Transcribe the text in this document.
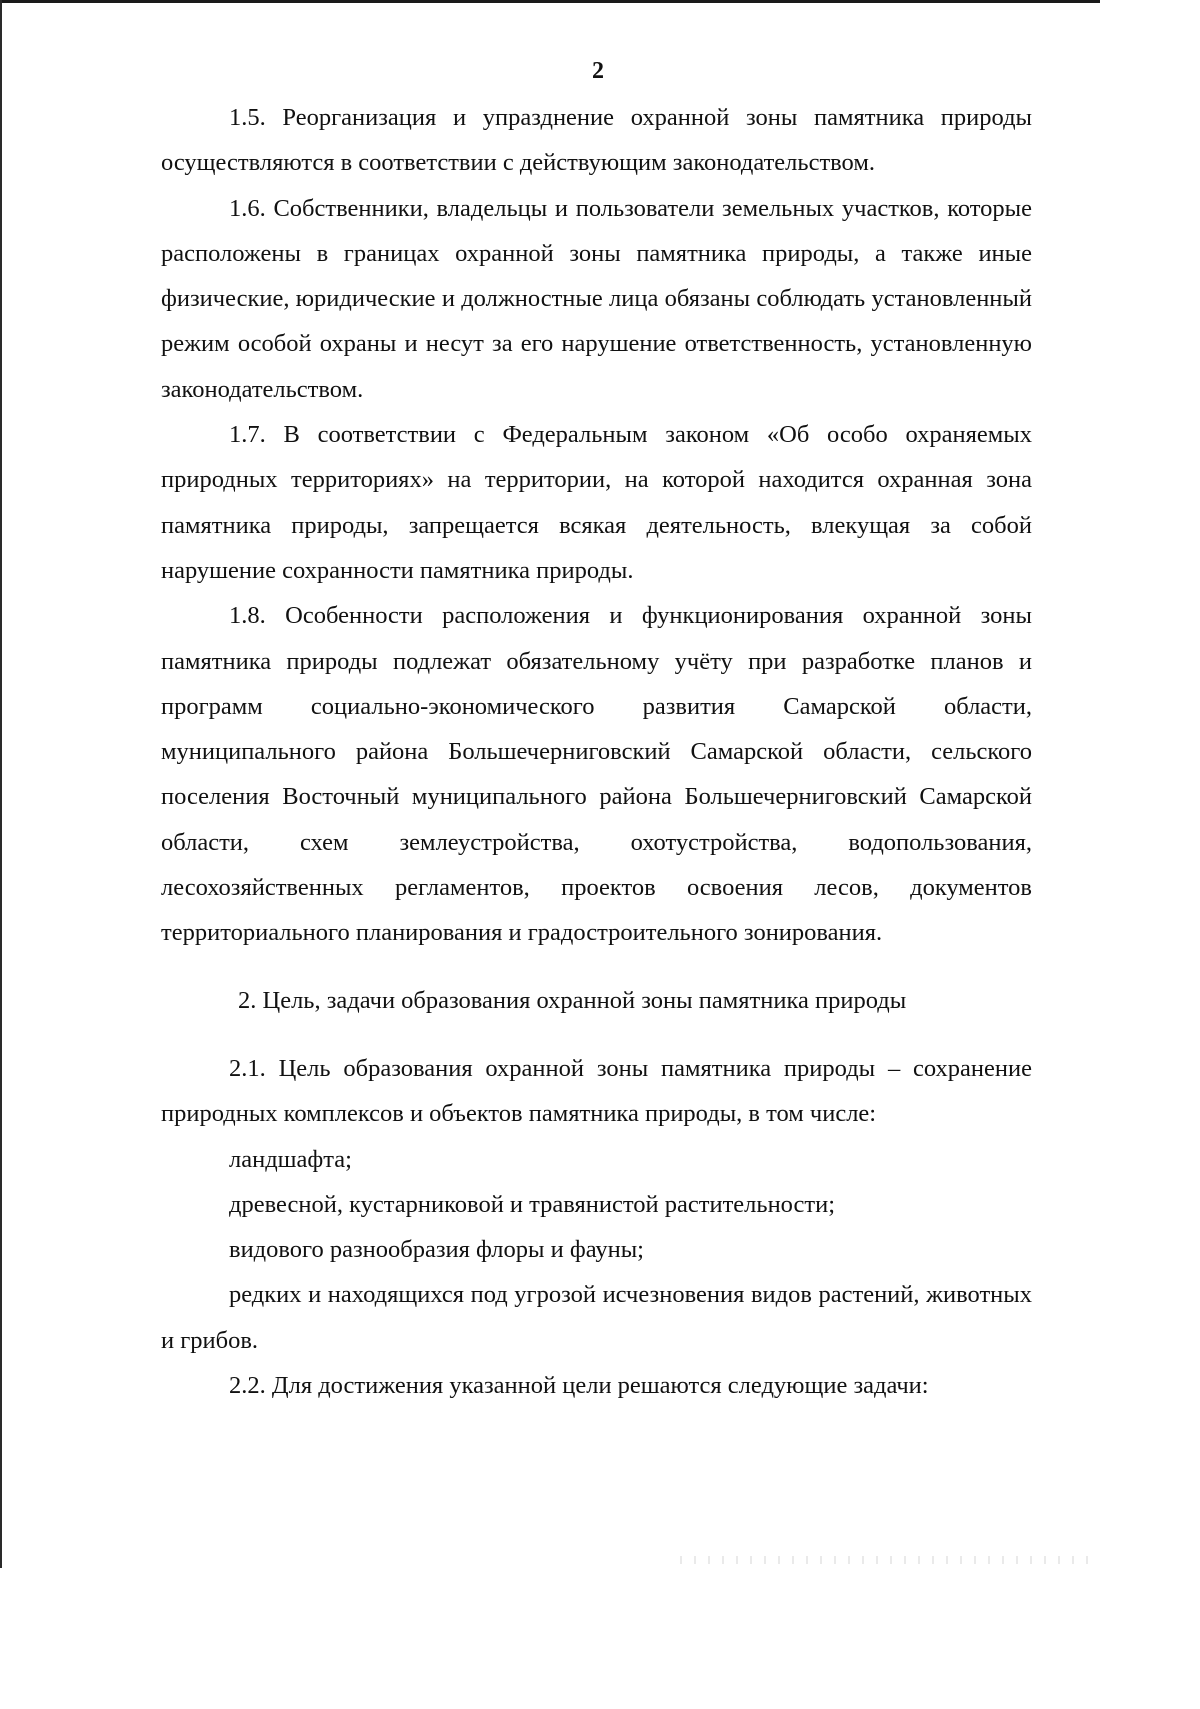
2

1.5. Реорганизация и упразднение охранной зоны памятника природы осуществляются в соответствии с действующим законодательством.

1.6. Собственники, владельцы и пользователи земельных участков, которые расположены в границах охранной зоны памятника природы, а также иные физические, юридические и должностные лица обязаны соблюдать установленный режим особой охраны и несут за его нарушение ответственность, установленную законодательством.

1.7. В соответствии с Федеральным законом «Об особо охраняемых природных территориях» на территории, на которой находится охранная зона памятника природы, запрещается всякая деятельность, влекущая за собой нарушение сохранности памятника природы.

1.8. Особенности расположения и функционирования охранной зоны памятника природы подлежат обязательному учёту при разработке планов и программ социально-экономического развития Самарской области, муниципального района Большечерниговский Самарской области, сельского поселения Восточный муниципального района Большечерниговский Самарской области, схем землеустройства, охотустройства, водопользования, лесохозяйственных регламентов, проектов освоения лесов, документов территориального планирования и градостроительного зонирования.

2. Цель, задачи образования охранной зоны памятника природы

2.1. Цель образования охранной зоны памятника природы – сохранение природных комплексов и объектов памятника природы, в том числе:

ландшафта;

древесной, кустарниковой и травянистой растительности;

видового разнообразия флоры и фауны;

редких и находящихся под угрозой исчезновения видов растений, животных и грибов.

2.2. Для достижения указанной цели решаются следующие задачи:
